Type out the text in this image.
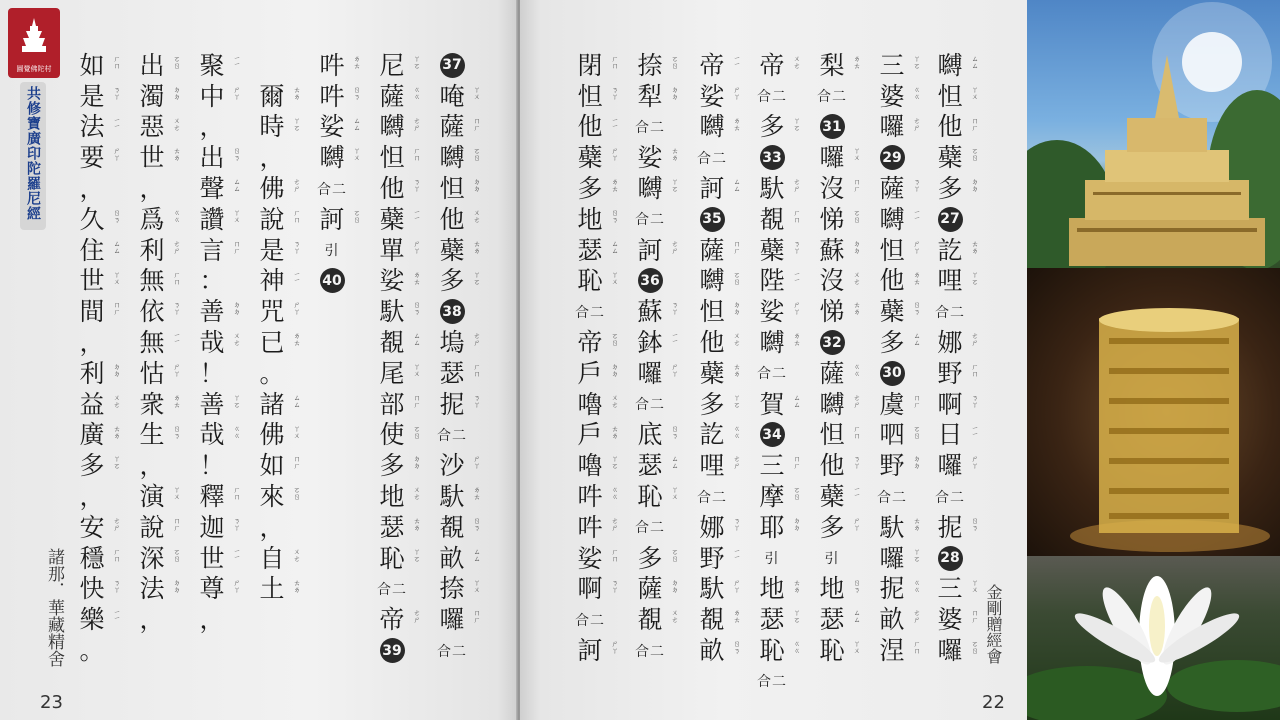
圓覺佛陀村
共修寶廣印陀羅尼經
諸那．華藏精舍
23
金剛贈經會
22
37
唵 ㄚㄨ
薩 ㄇㄏ
嚩 ㄛㄖ
怛 ㄉㄉ
他 ㄨㄜ
蘗 ㄊㄌ
多 ㄚㄛ
38
塢 ㄜㄕ
瑟 ㄏㄇ
抳 ㄋㄚ
合二
沙 ㄕㄚ
馱 ㄌㄊ
覩 ㄖㄋ
畝 ㄙㄙ
捺 ㄚㄨ
囉 ㄇㄏ
合二
尼 ㄚㄛ
薩 ㄍㄍ
嚩 ㄜㄕ
怛 ㄏㄇ
他 ㄋㄚ
蘗 ㄧㄧ
單 ㄕㄚ
娑 ㄌㄊ
馱 ㄖㄋ
覩 ㄙㄙ
尾 ㄚㄨ
部 ㄇㄏ
使 ㄛㄖ
多 ㄉㄉ
地 ㄨㄜ
瑟 ㄊㄌ
恥 ㄚㄛ
合二
帝 ㄜㄕ
39
吽 ㄌㄊ
吽 ㄖㄋ
娑 ㄙㄙ
嚩 ㄚㄨ
合二
訶 ㄛㄖ
引
40
爾 ㄊㄌ
時 ㄚㄛ
，
佛 ㄜㄕ
說 ㄏㄇ
是 ㄋㄚ
神 ㄧㄧ
咒 ㄕㄚ
已 ㄌㄊ
。
諸 ㄙㄙ
佛 ㄚㄨ
如 ㄇㄏ
來 ㄛㄖ
，
自 ㄨㄜ
土 ㄊㄌ
聚 ㄧㄧ
中 ㄕㄚ
，
出 ㄖㄋ
聲 ㄙㄙ
讚 ㄚㄨ
言 ㄇㄏ
：
善 ㄉㄉ
哉 ㄨㄜ
！
善 ㄚㄛ
哉 ㄍㄍ
！
釋 ㄏㄇ
迦 ㄋㄚ
世 ㄧㄧ
尊 ㄕㄚ
，
出 ㄛㄖ
濁 ㄉㄉ
惡 ㄨㄜ
世 ㄊㄌ
，
爲 ㄍㄍ
利 ㄜㄕ
無 ㄏㄇ
依 ㄋㄚ
無 ㄧㄧ
怙 ㄕㄚ
衆 ㄌㄊ
生 ㄖㄋ
，
演 ㄚㄨ
說 ㄇㄏ
深 ㄛㄖ
法 ㄉㄉ
，
如 ㄏㄇ
是 ㄋㄚ
法 ㄧㄧ
要 ㄕㄚ
，
久 ㄖㄋ
住 ㄙㄙ
世 ㄚㄨ
間 ㄇㄏ
，
利 ㄉㄉ
益 ㄨㄜ
廣 ㄊㄌ
多 ㄚㄛ
，
安 ㄜㄕ
穩 ㄏㄇ
快 ㄋㄚ
樂 ㄧㄧ
。
嚩 ㄙㄙ
怛 ㄚㄨ
他 ㄇㄏ
蘗 ㄛㄖ
多 ㄉㄉ
27
訖 ㄊㄌ
哩 ㄚㄛ
合二
娜 ㄜㄕ
野 ㄏㄇ
啊 ㄋㄚ
日 ㄧㄧ
囉 ㄕㄚ
合二
抳 ㄖㄋ
28
三 ㄚㄨ
婆 ㄇㄏ
囉 ㄛㄖ
三 ㄚㄛ
婆 ㄍㄍ
囉 ㄜㄕ
29
薩 ㄋㄚ
嚩 ㄧㄧ
怛 ㄕㄚ
他 ㄌㄊ
蘗 ㄖㄋ
多 ㄙㄙ
30
虞 ㄇㄏ
呬 ㄛㄖ
野 ㄉㄉ
合二
馱 ㄊㄌ
囉 ㄚㄛ
抳 ㄍㄍ
畝 ㄜㄕ
涅 ㄏㄇ
梨 ㄌㄊ
合二
31
囉 ㄚㄨ
沒 ㄇㄏ
悌 ㄛㄖ
蘇 ㄉㄉ
沒 ㄨㄜ
悌 ㄊㄌ
32
薩 ㄍㄍ
嚩 ㄜㄕ
怛 ㄏㄇ
他 ㄋㄚ
蘗 ㄧㄧ
多 ㄕㄚ
引
地 ㄖㄋ
瑟 ㄙㄙ
恥 ㄚㄨ
帝 ㄨㄜ
合二
多 ㄚㄛ
33
馱 ㄜㄕ
覩 ㄏㄇ
蘗 ㄋㄚ
陛 ㄧㄧ
娑 ㄕㄚ
嚩 ㄌㄊ
合二
賀 ㄙㄙ
34
三 ㄇㄏ
摩 ㄛㄖ
耶 ㄉㄉ
引
地 ㄊㄌ
瑟 ㄚㄛ
恥 ㄍㄍ
合二
帝 ㄧㄧ
娑 ㄕㄚ
嚩 ㄌㄊ
合二
訶 ㄙㄙ
35
薩 ㄇㄏ
嚩 ㄛㄖ
怛 ㄉㄉ
他 ㄨㄜ
蘗 ㄊㄌ
多 ㄚㄛ
訖 ㄍㄍ
哩 ㄜㄕ
合二
娜 ㄋㄚ
野 ㄧㄧ
馱 ㄕㄚ
覩 ㄌㄊ
畝 ㄖㄋ
捺 ㄛㄖ
犁 ㄉㄉ
合二
娑 ㄊㄌ
嚩 ㄚㄛ
合二
訶 ㄜㄕ
36
蘇 ㄋㄚ
鉢 ㄧㄧ
囉 ㄕㄚ
合二
底 ㄖㄋ
瑟 ㄙㄙ
恥 ㄚㄨ
合二
多 ㄛㄖ
薩 ㄉㄉ
覩 ㄨㄜ
合二
閉 ㄏㄇ
怛 ㄋㄚ
他 ㄧㄧ
蘗 ㄕㄚ
多 ㄌㄊ
地 ㄖㄋ
瑟 ㄙㄙ
恥 ㄚㄨ
合二
帝 ㄛㄖ
戶 ㄉㄉ
嚕 ㄨㄜ
戶 ㄊㄌ
嚕 ㄚㄛ
吽 ㄍㄍ
吽 ㄜㄕ
娑 ㄏㄇ
啊 ㄋㄚ
合二
訶 ㄕㄚ
